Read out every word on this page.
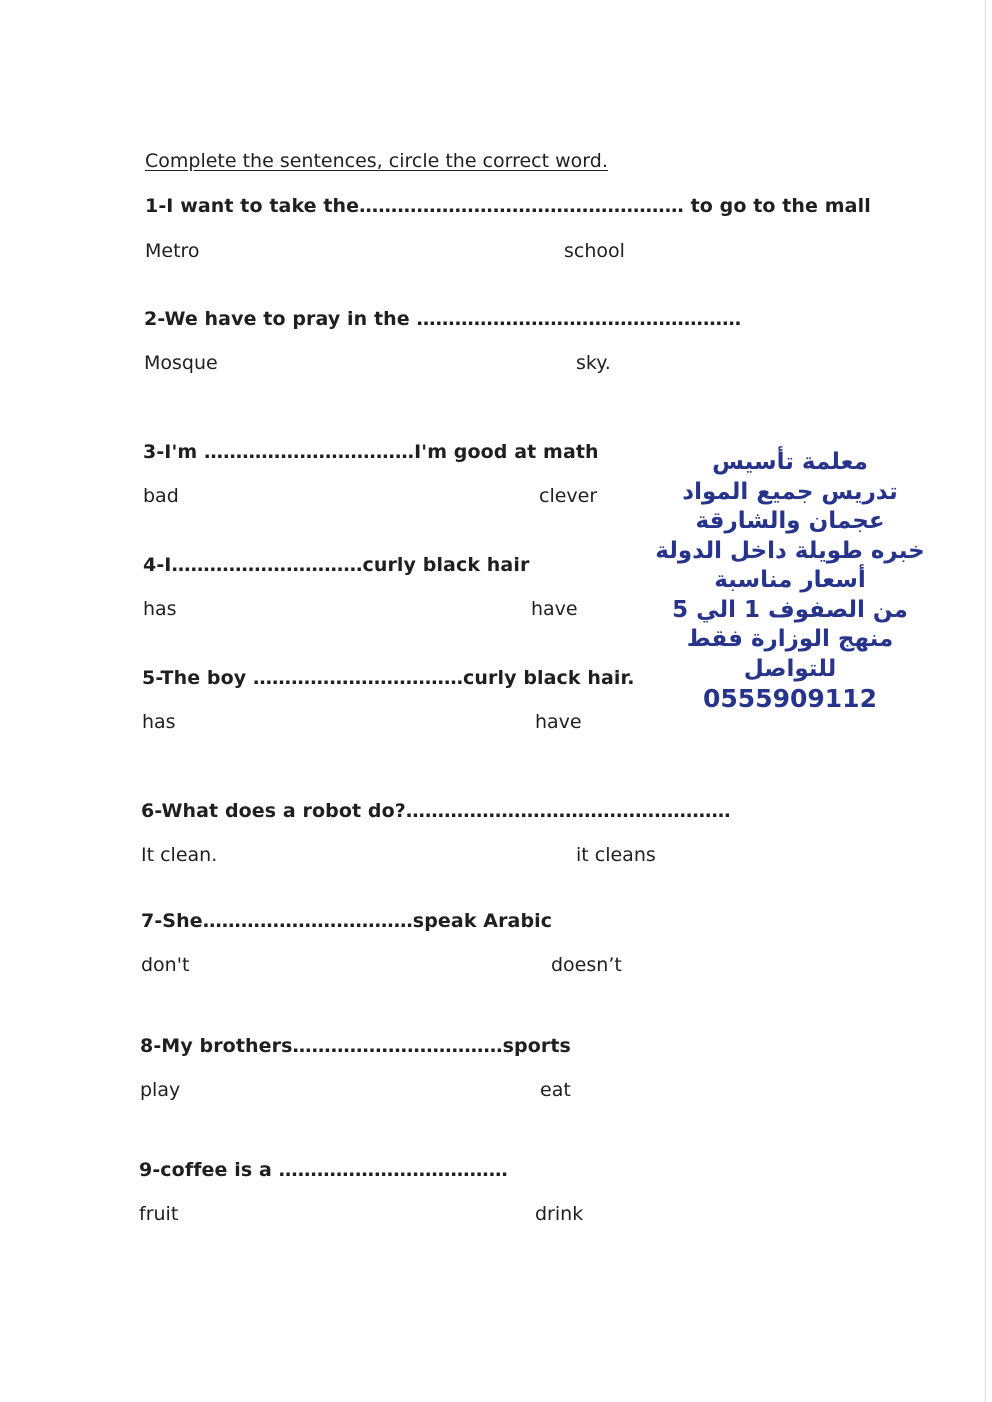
Complete the sentences, circle the correct word.
1-I want to take the…………………………………………… to go to the mall
Metro	school
2-We have to pray in the ……………………………………………
Mosque	sky.
3-I'm ……………………………I'm good at math
bad	clever
4-I…………………………curly black hair
has	have
5-The boy ……………………………curly black hair.
has	have
6-What does a robot do?……………………………………………
It clean.	it cleans
7-She……………………………speak Arabic
don't	doesn’t
8-My brothers……………………………sports
play	eat
9-coffee is a ………………………………
fruit	drink
معلمة تأسيس
تدريس جميع المواد
عجمان والشارقة
خبره طويلة داخل الدولة
أسعار مناسبة
من الصفوف 1 الي 5
منهج الوزارة فقط
للتواصل
0555909112
